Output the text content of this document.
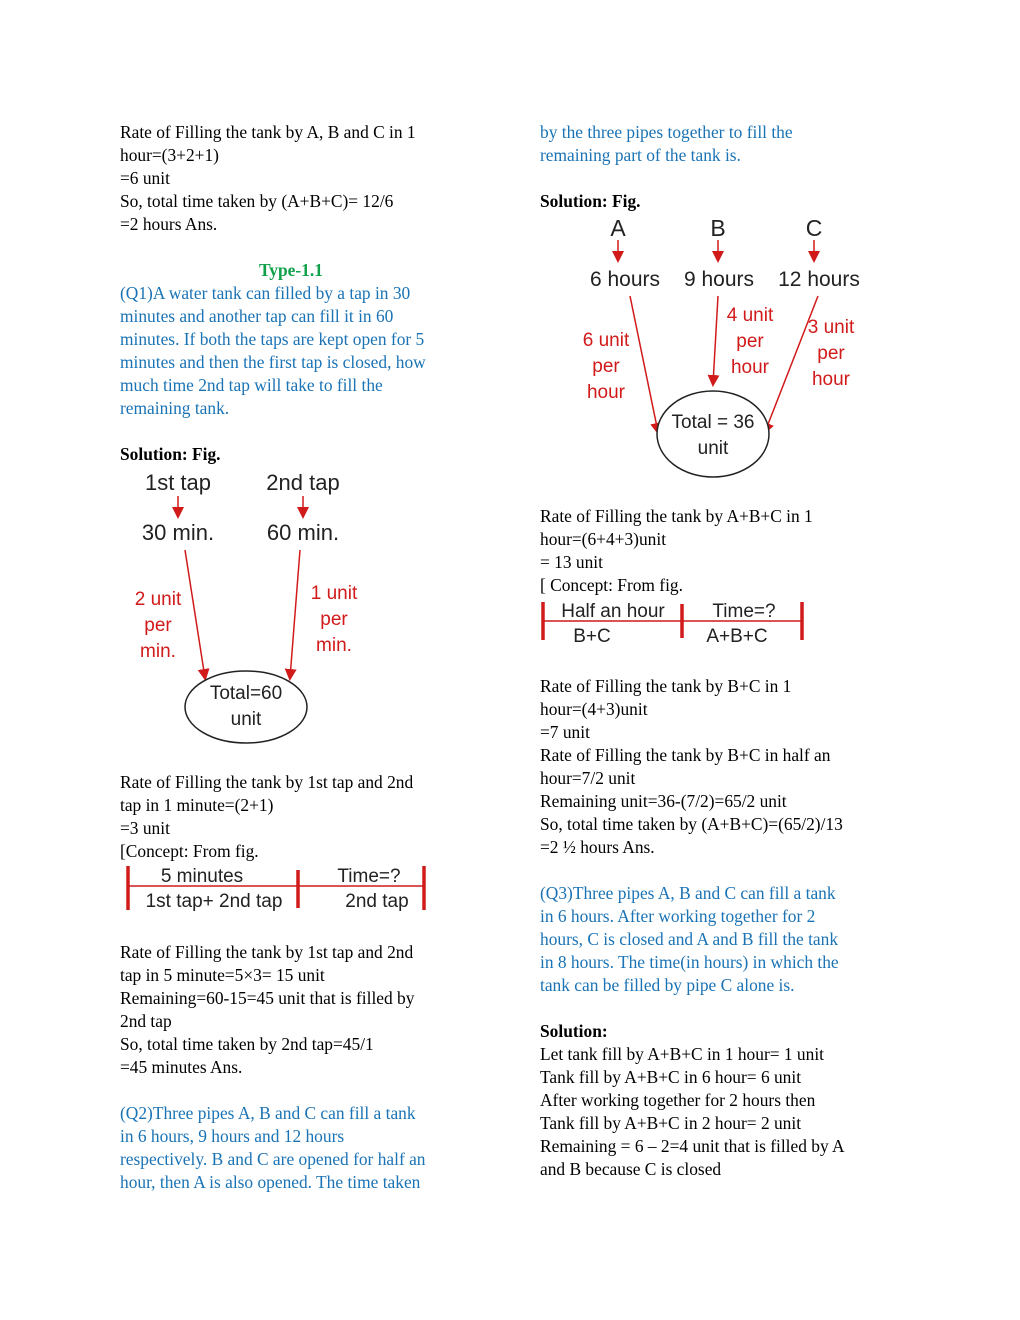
Rate of Filling the tank by A, B and C in 1
hour=(3+2+1)
=6 unit
So, total time taken by (A+B+C)= 12/6
=2 hours Ans.
Type-1.1
(Q1)A water tank can filled by a tap in 30
minutes and another tap can fill it in 60
minutes. If both the taps are kept open for 5
minutes and then the first tap is closed, how
much time 2nd tap will take to fill the
remaining tank.
Solution: Fig.
Rate of Filling the tank by 1st tap and 2nd
tap in 1 minute=(2+1)
=3 unit
[Concept: From fig.
Rate of Filling the tank by 1st tap and 2nd
tap in 5 minute=5×3= 15 unit
Remaining=60-15=45 unit that is filled by
2nd tap
So, total time taken by 2nd tap=45/1
=45 minutes Ans.
(Q2)Three pipes A, B and C can fill a tank
in 6 hours, 9 hours and 12 hours
respectively. B and C are opened for half an
hour, then A is also opened. The time taken
1st tap	2nd tap
30 min. 60 min.
2 unit
per
min.
1 unit
per
min.
Total=60
unit
5 minutes	Time=?
1st tap+ 2nd tap	2nd tap
by the three pipes together to fill the
remaining part of the tank is.
Solution: Fig.
Rate of Filling the tank by A+B+C in 1
hour=(6+4+3)unit
= 13 unit
[ Concept: From fig.
Rate of Filling the tank by B+C in 1
hour=(4+3)unit
=7 unit
Rate of Filling the tank by B+C in half an
hour=7/2 unit
Remaining unit=36-(7/2)=65/2 unit
So, total time taken by (A+B+C)=(65/2)/13
=2 ½ hours Ans.
(Q3)Three pipes A, B and C can fill a tank
in 6 hours. After working together for 2
hours, C is closed and A and B fill the tank
in 8 hours. The time(in hours) in which the
tank can be filled by pipe C alone is.
Solution:
Let tank fill by A+B+C in 1 hour= 1 unit
Tank fill by A+B+C in 6 hour= 6 unit
After working together for 2 hours then
Tank fill by A+B+C in 2 hour= 2 unit
Remaining = 6 – 2=4 unit that is filled by A
and B because C is closed
A	B	C
6 hours 9 hours 12 hours
6 unit
per
hour
4 unit
per
hour
3 unit
per
hour
Total = 36
unit
Half an hour	Time=?
B+C	A+B+C
